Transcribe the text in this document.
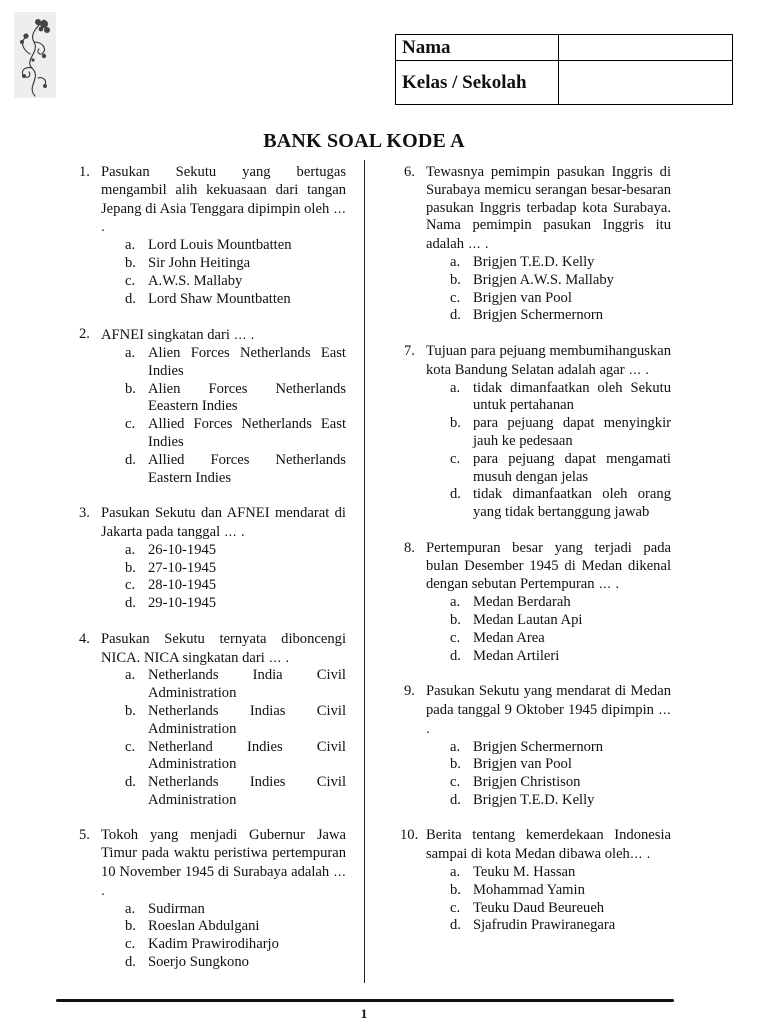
Nama	
Kelas / Sekolah	
BANK SOAL KODE A
1. Pasukan Sekutu yang bertugas mengambil alih kekuasaan dari tangan Jepang di Asia Tenggara dipimpin oleh … .
a. Lord Louis Mountbatten
b. Sir John Heitinga
c. A.W.S. Mallaby
d. Lord Shaw Mountbatten
2. AFNEI singkatan dari … .
a. Alien Forces Netherlands East Indies
b. Alien Forces Netherlands Eeastern Indies
c. Allied Forces Netherlands East Indies
d. Allied Forces Netherlands Eastern Indies
3. Pasukan Sekutu dan AFNEI mendarat di Jakarta pada tanggal … .
a. 26-10-1945
b. 27-10-1945
c. 28-10-1945
d. 29-10-1945
4. Pasukan Sekutu ternyata diboncengi NICA. NICA singkatan dari … .
a. Netherlands India Civil Administration
b. Netherlands Indias Civil Administration
c. Netherland Indies Civil Administration
d. Netherlands Indies Civil Administration
5. Tokoh yang menjadi Gubernur Jawa Timur pada waktu peristiwa pertempuran 10 November 1945 di Surabaya adalah … .
a. Sudirman
b. Roeslan Abdulgani
c. Kadim Prawirodiharjo
d. Soerjo Sungkono
6. Tewasnya pemimpin pasukan Inggris di Surabaya memicu serangan besar-besaran pasukan Inggris terbadap kota Surabaya. Nama pemimpin pasukan Inggris itu adalah … .
a. Brigjen T.E.D. Kelly
b. Brigjen A.W.S. Mallaby
c. Brigjen van Pool
d. Brigjen Schermernorn
7. Tujuan para pejuang membumihanguskan kota Bandung Selatan adalah agar … .
a. tidak dimanfaatkan oleh Sekutu untuk pertahanan
b. para pejuang dapat menyingkir jauh ke pedesaan
c. para pejuang dapat mengamati musuh dengan jelas
d. tidak dimanfaatkan oleh orang yang tidak bertanggung jawab
8. Pertempuran besar yang terjadi pada bulan Desember 1945 di Medan dikenal dengan sebutan Pertempuran … .
a. Medan Berdarah
b. Medan Lautan Api
c. Medan Area
d. Medan Artileri
9. Pasukan Sekutu yang mendarat di Medan pada tanggal 9 Oktober 1945 dipimpin … .
a. Brigjen Schermernorn
b. Brigjen van Pool
c. Brigjen Christison
d. Brigjen T.E.D. Kelly
10. Berita tentang kemerdekaan Indonesia sampai di kota Medan dibawa oleh… .
a. Teuku M. Hassan
b. Mohammad Yamin
c. Teuku Daud Beureueh
d. Sjafrudin Prawiranegara
1
